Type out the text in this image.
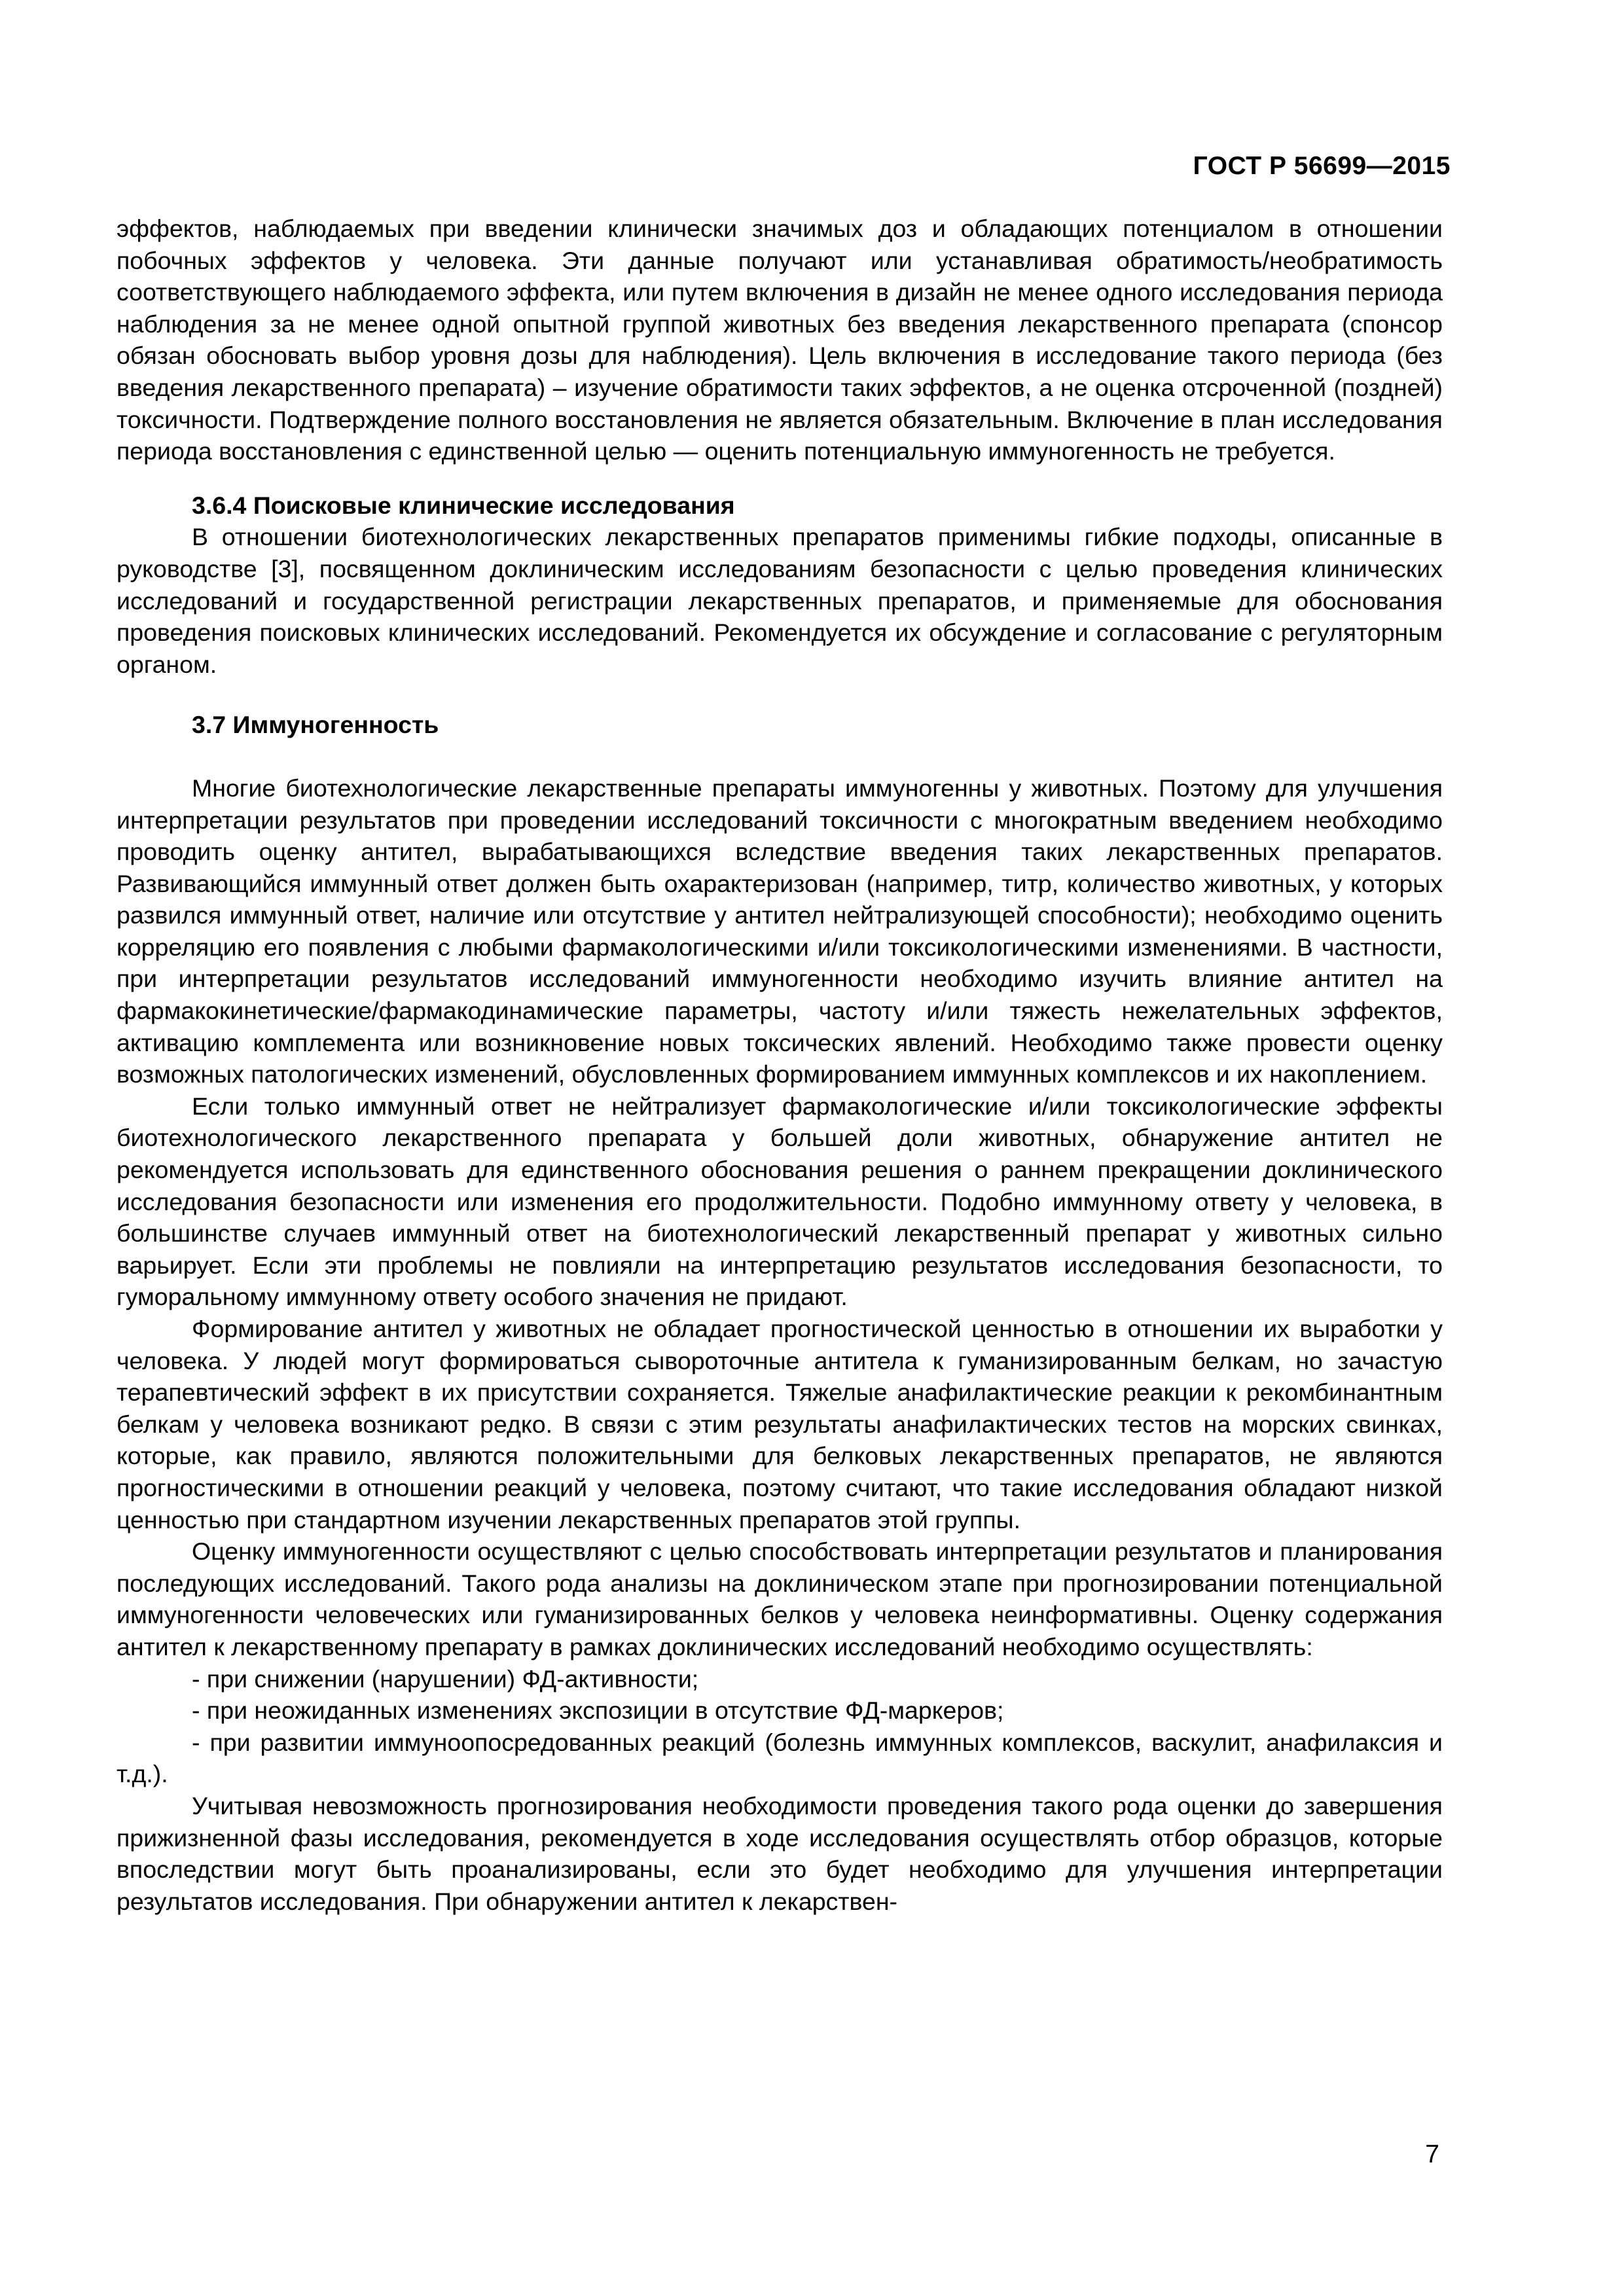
ГОСТ Р 56699—2015

эффектов, наблюдаемых при введении клинически значимых доз и обладающих потенциалом в отношении побочных эффектов у человека. Эти данные получают или устанавливая обратимость/необратимость соответствующего наблюдаемого эффекта, или путем включения в дизайн не менее одного исследования периода наблюдения за не менее одной опытной группой животных без введения лекарственного препарата (спонсор обязан обосновать выбор уровня дозы для наблюдения). Цель включения в исследование такого периода (без введения лекарственного препарата) – изучение обратимости таких эффектов, а не оценка отсроченной (поздней) токсичности. Подтверждение полного восстановления не является обязательным. Включение в план исследования периода восстановления с единственной целью — оценить потенциальную иммуногенность не требуется.

3.6.4 Поисковые клинические исследования

В отношении биотехнологических лекарственных препаратов применимы гибкие подходы, описанные в руководстве [3], посвященном доклиническим исследованиям безопасности с целью проведения клинических исследований и государственной регистрации лекарственных препаратов, и применяемые для обоснования проведения поисковых клинических исследований. Рекомендуется их обсуждение и согласование с регуляторным органом.

3.7 Иммуногенность

Многие биотехнологические лекарственные препараты иммуногенны у животных. Поэтому для улучшения интерпретации результатов при проведении исследований токсичности с многократным введением необходимо проводить оценку антител, вырабатывающихся вследствие введения таких лекарственных препаратов. Развивающийся иммунный ответ должен быть охарактеризован (например, титр, количество животных, у которых развился иммунный ответ, наличие или отсутствие у антител нейтрализующей способности); необходимо оценить корреляцию его появления с любыми фармакологическими и/или токсикологическими изменениями. В частности, при интерпретации результатов исследований иммуногенности необходимо изучить влияние антител на фармакокинетические/фармакодинамические параметры, частоту и/или тяжесть нежелательных эффектов, активацию комплемента или возникновение новых токсических явлений. Необходимо также провести оценку возможных патологических изменений, обусловленных формированием иммунных комплексов и их накоплением.

Если только иммунный ответ не нейтрализует фармакологические и/или токсикологические эффекты биотехнологического лекарственного препарата у большей доли животных, обнаружение антител не рекомендуется использовать для единственного обоснования решения о раннем прекращении доклинического исследования безопасности или изменения его продолжительности. Подобно иммунному ответу у человека, в большинстве случаев иммунный ответ на биотехнологический лекарственный препарат у животных сильно варьирует. Если эти проблемы не повлияли на интерпретацию результатов исследования безопасности, то гуморальному иммунному ответу особого значения не придают.

Формирование антител у животных не обладает прогностической ценностью в отношении их выработки у человека. У людей могут формироваться сывороточные антитела к гуманизированным белкам, но зачастую терапевтический эффект в их присутствии сохраняется. Тяжелые анафилактические реакции к рекомбинантным белкам у человека возникают редко. В связи с этим результаты анафилактических тестов на морских свинках, которые, как правило, являются положительными для белковых лекарственных препаратов, не являются прогностическими в отношении реакций у человека, поэтому считают, что такие исследования обладают низкой ценностью при стандартном изучении лекарственных препаратов этой группы.

Оценку иммуногенности осуществляют с целью способствовать интерпретации результатов и планирования последующих исследований. Такого рода анализы на доклиническом этапе при прогнозировании потенциальной иммуногенности человеческих или гуманизированных белков у человека неинформативны. Оценку содержания антител к лекарственному препарату в рамках доклинических исследований необходимо осуществлять:

- при снижении (нарушении) ФД-активности;

- при неожиданных изменениях экспозиции в отсутствие ФД-маркеров;

- при развитии иммуноопосредованных реакций (болезнь иммунных комплексов, васкулит, анафилаксия и т.д.).

Учитывая невозможность прогнозирования необходимости проведения такого рода оценки до завершения прижизненной фазы исследования, рекомендуется в ходе исследования осуществлять отбор образцов, которые впоследствии могут быть проанализированы, если это будет необходимо для улучшения интерпретации результатов исследования. При обнаружении антител к лекарствен-

7
